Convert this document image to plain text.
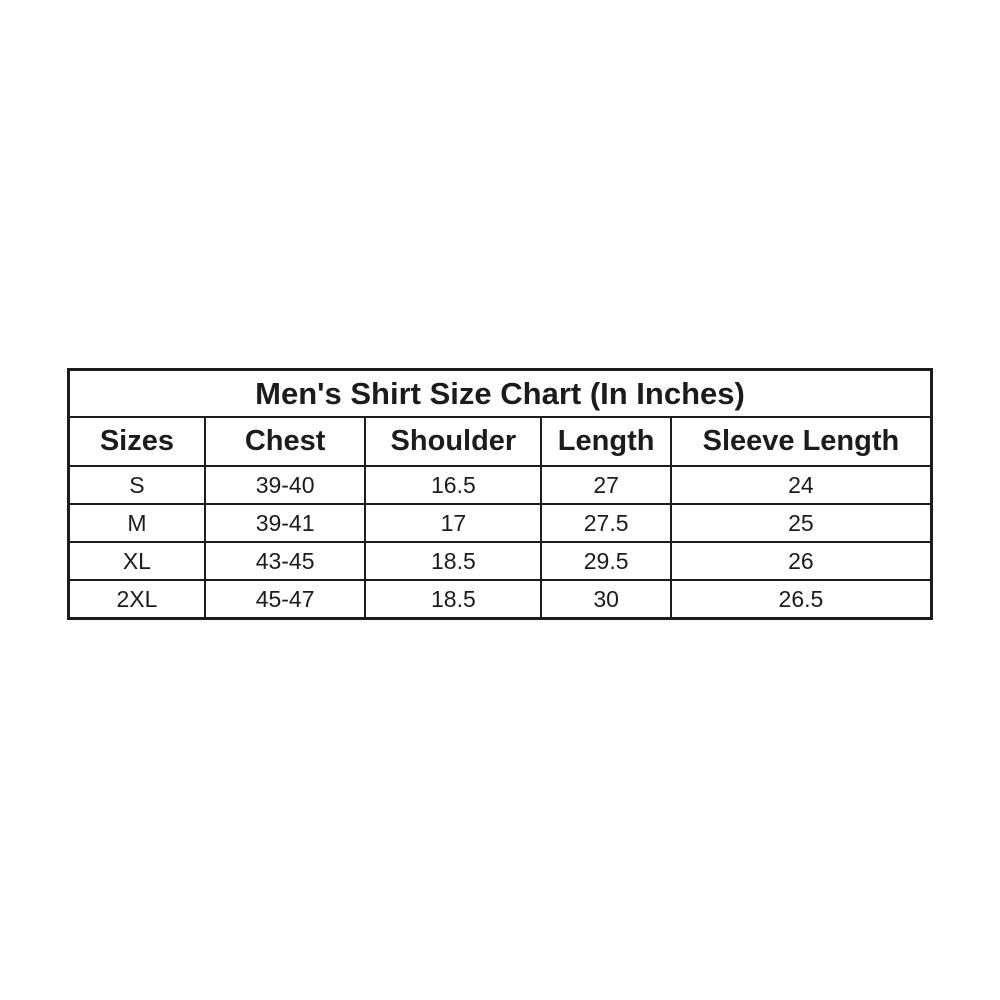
Men's Shirt Size Chart (In Inches)				
Sizes	Chest	Shoulder	Length	Sleeve Length
S	39-40	16.5	27	24
M	39-41	17	27.5	25
XL	43-45	18.5	29.5	26
2XL	45-47	18.5	30	26.5
